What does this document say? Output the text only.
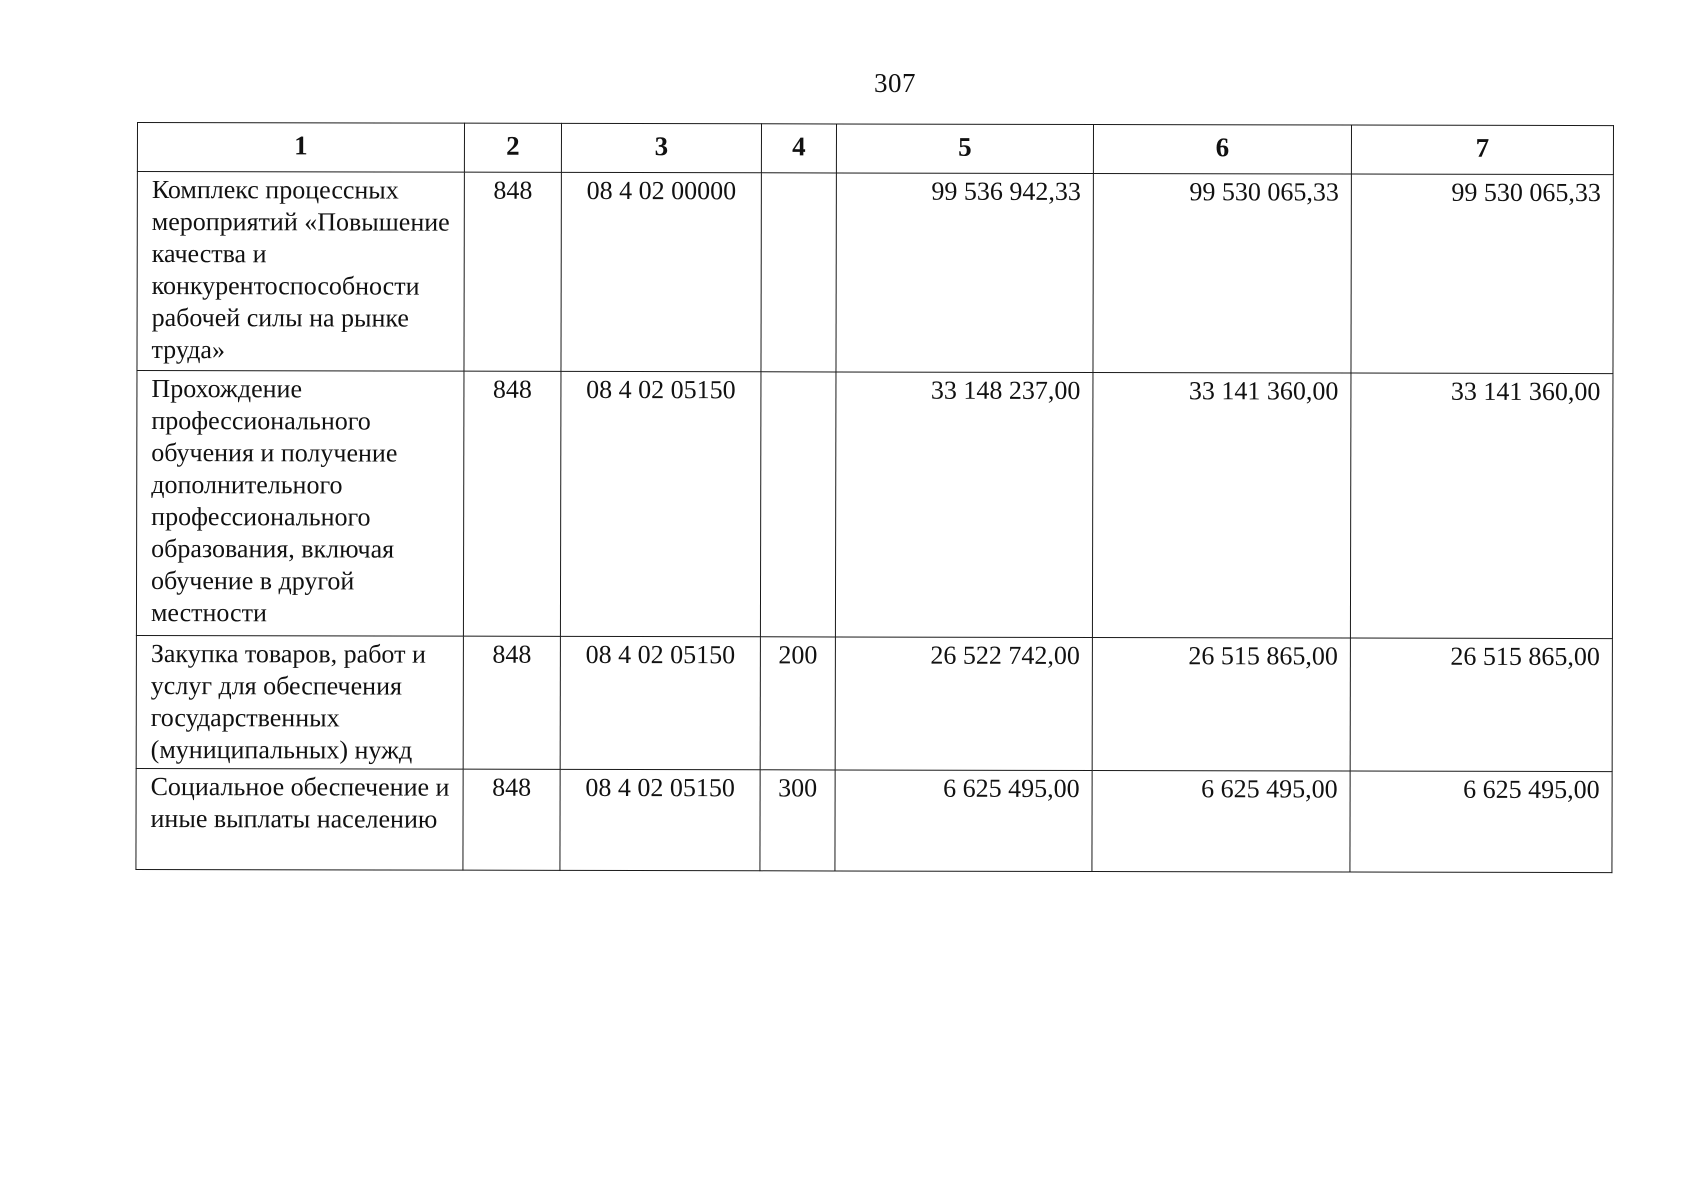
307
1	2	3	4	5	6	7
Комплекс процессных мероприятий «Повышение качества и конкурентоспособности рабочей силы на рынке труда»	848	08 4 02 00000		99 536 942,33	99 530 065,33	99 530 065,33
Прохождение профессионального обучения и получение дополнительного профессионального образования, включая обучение в другой местности	848	08 4 02 05150		33 148 237,00	33 141 360,00	33 141 360,00
Закупка товаров, работ и услуг для обеспечения государственных (муниципальных) нужд	848	08 4 02 05150	200	26 522 742,00	26 515 865,00	26 515 865,00
Социальное обеспечение и иные выплаты населению	848	08 4 02 05150	300	6 625 495,00	6 625 495,00	6 625 495,00
